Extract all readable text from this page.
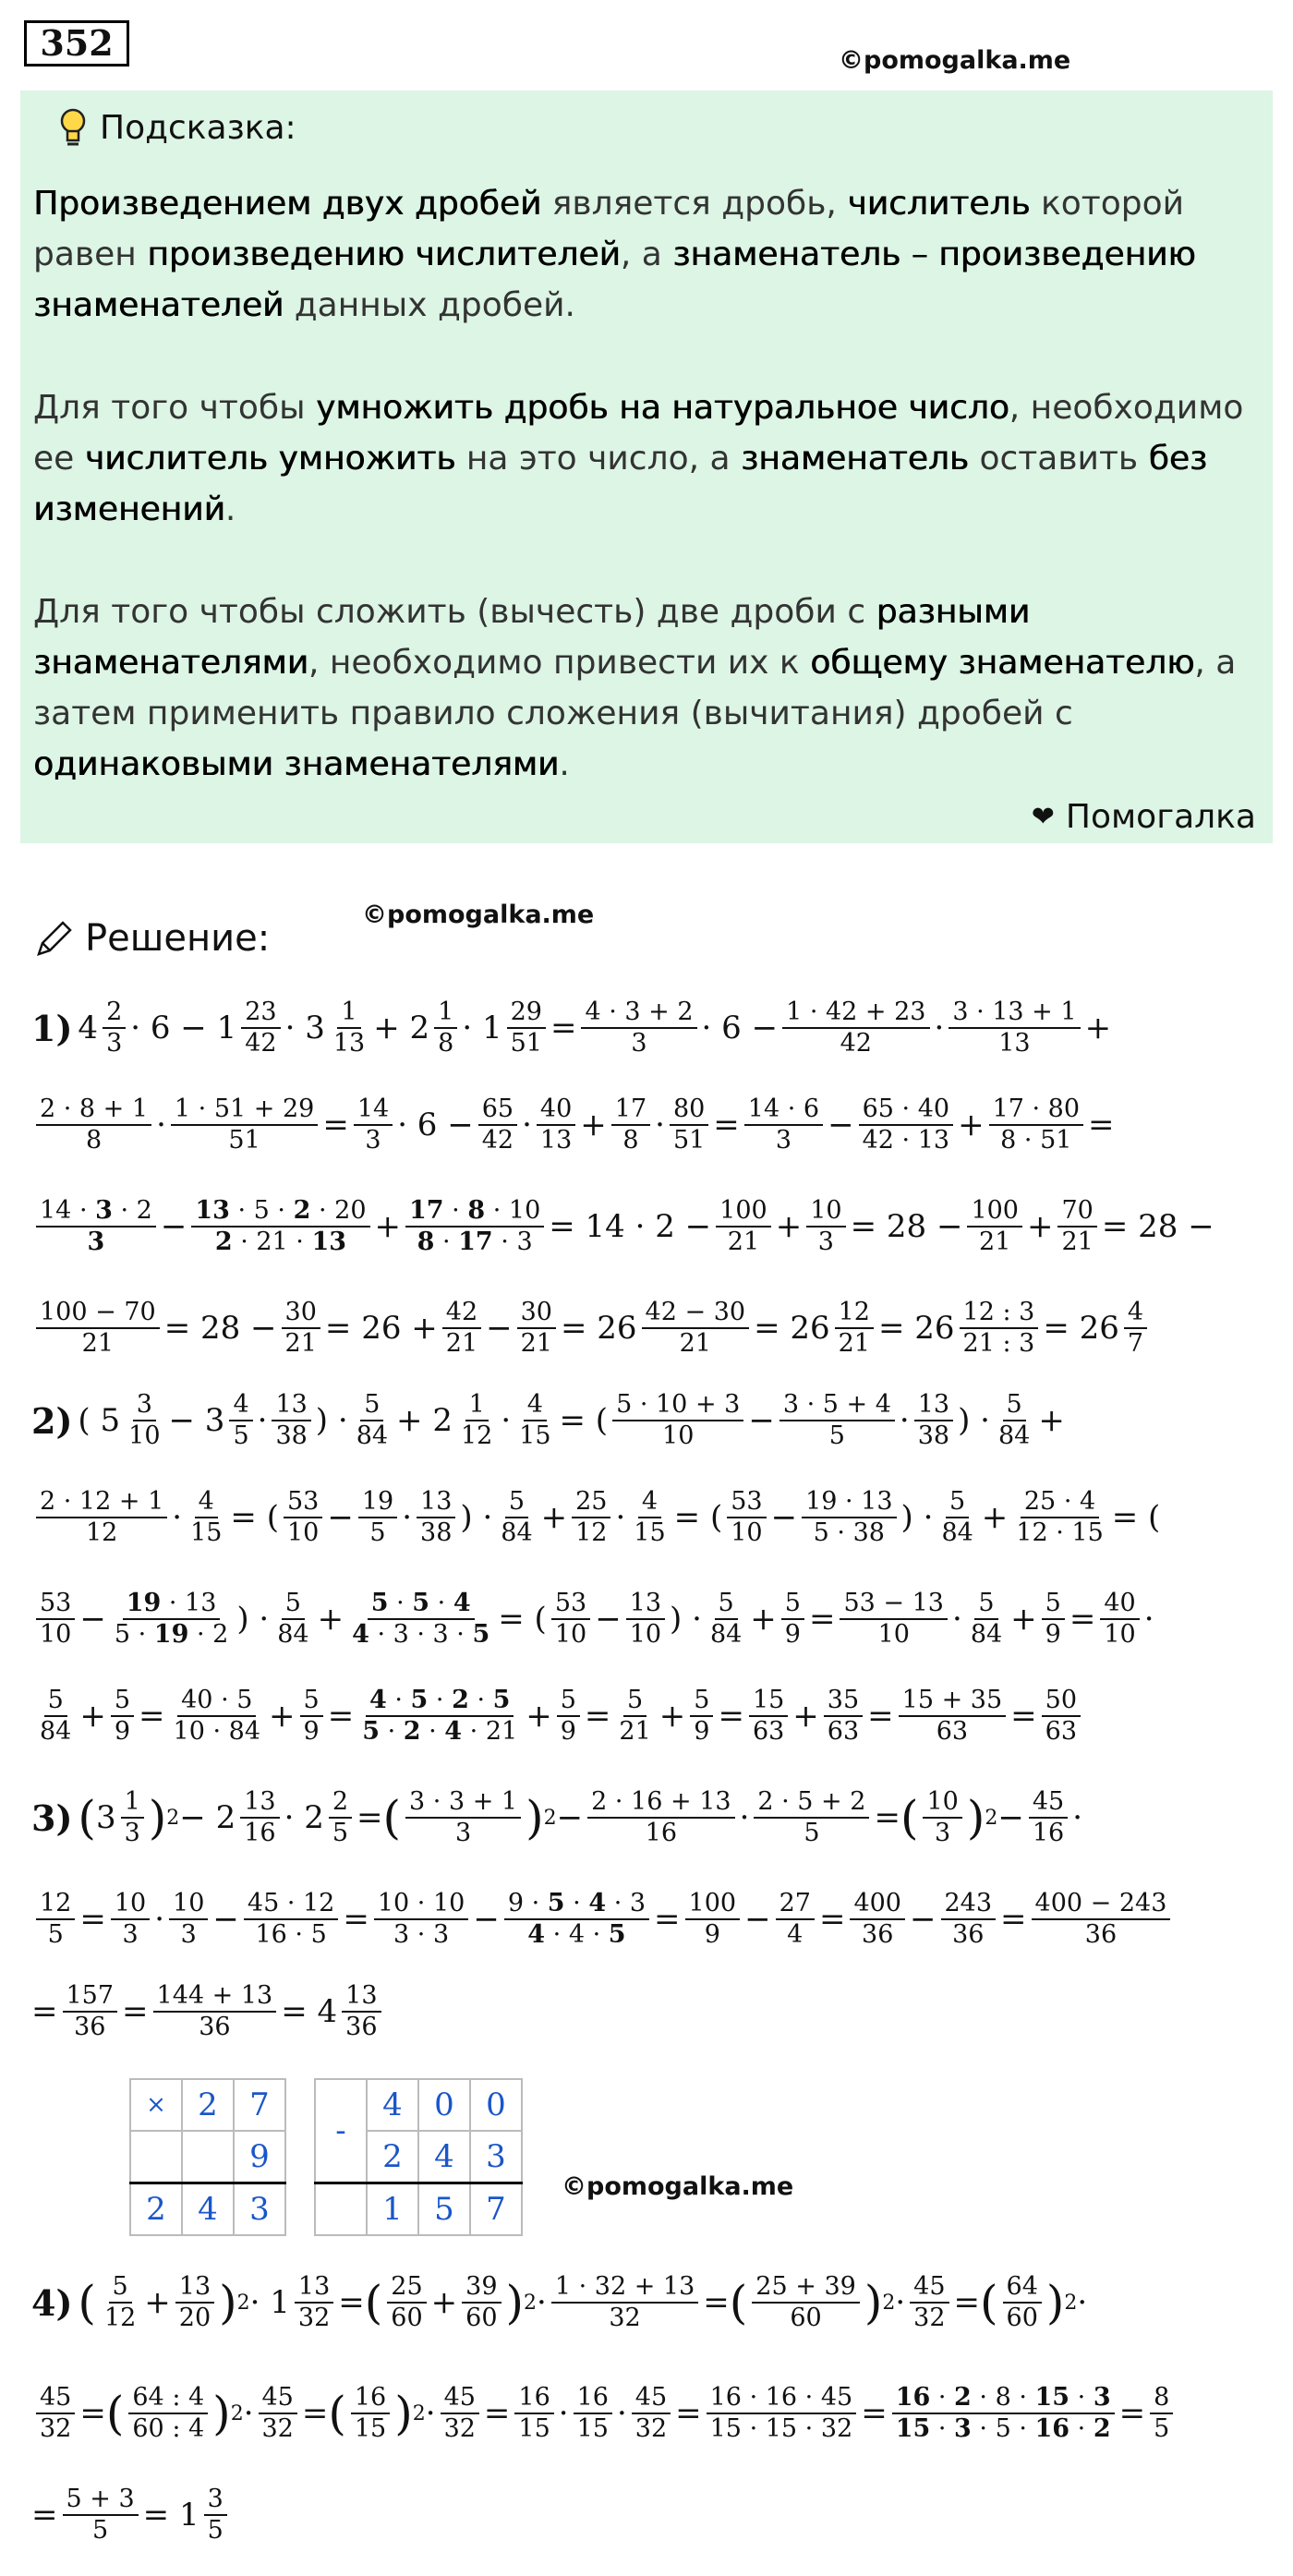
352	©pomogalka.me
Подсказка:

Произведением двух дробей является дробь, числитель которой равен произведению числителей, а знаменатель – произведению знаменателей данных дробей.

Для того чтобы умножить дробь на натуральное число, необходимо ее числитель умножить на это число, а знаменатель оставить без изменений.

Для того чтобы сложить (вычесть) две дроби с разными знаменателями, необходимо привести их к общему знаменателю, а затем применить правило сложения (вычитания) дробей с одинаковыми знаменателями.

❤ Помогалка
©pomogalka.me
Решение:
1) 4 2
3 · 6 − 1 23
42 · 3 1
13 + 2 1
8 · 1 29
51 = 4 · 3 + 2
3 · 6 − 1 · 42 + 23
42 · 3 · 13 + 1
13 +
2 · 8 + 1
8 · 1 · 51 + 29
51 = 14
3 · 6 − 65
42 · 40
13 + 17
8 · 80
51 = 14 · 6
3 − 65 · 40
42 · 13 + 17 · 80
8 · 51 =
14 · 3 · 2
3 − 13 · 5 · 2 · 20
2 · 21 · 13 + 17 · 8 · 10
8 · 17 · 3 = 14 · 2 − 100
21 + 10
3 = 28 − 100
21 + 70
21 = 28 −
100 − 70
21 = 28 − 30
21 = 26 + 42
21 − 30
21 = 26 42 − 30
21 = 26 12
21 = 26 12 : 3
21 : 3 = 26 4
7
2) ( 5 3
10 − 3 4
5 · 13
38 ) · 5
84 + 2 1
12 · 4
15 = ( 5 · 10 + 3
10 − 3 · 5 + 4
5 · 13
38 ) · 5
84 +
2 · 12 + 1
12 · 4
15 = ( 53
10 − 19
5 · 13
38 ) · 5
84 + 25
12 · 4
15 = ( 53
10 − 19 · 13
5 · 38 ) · 5
84 + 25 · 4
12 · 15 = (
53
10 − 19 · 13
5 · 19 · 2 ) · 5
84 + 5 · 5 · 4
4 · 3 · 3 · 5 = ( 53
10 − 13
10 ) · 5
84 + 5
9 = 53 − 13
10 · 5
84 + 5
9 = 40
10 ·
5
84 + 5
9 = 40 · 5
10 · 84 + 5
9 = 4 · 5 · 2 · 5
5 · 2 · 4 · 21 + 5
9 = 5
21 + 5
9 = 15
63 + 35
63 = 15 + 35
63 = 50
63
3) ( 3 1
3 ) 2 − 2 13
16 · 2 2
5 = ( 3 · 3 + 1
3 ) 2 − 2 · 16 + 13
16 · 2 · 5 + 2
5 = ( 10
3 ) 2 − 45
16 ·
12
5 = 10
3 · 10
3 − 45 · 12
16 · 5 = 10 · 10
3 · 3 − 9 · 5 · 4 · 3
4 · 4 · 5 = 100
9 − 27
4 = 400
36 − 243
36 = 400 − 243
36
= 157
36 = 144 + 13
36 = 4 13
36
×	2	7
		9
2	4	3
-	4	0	0
	2	4	3
	1	5	7
©pomogalka.me
4) ( 5
12 + 13
20 ) 2 · 1 13
32 = ( 25
60 + 39
60 ) 2 · 1 · 32 + 13
32 = ( 25 + 39
60 ) 2 · 45
32 = ( 64
60 ) 2 ·
45
32 = ( 64 : 4
60 : 4 ) 2 · 45
32 = ( 16
15 ) 2 · 45
32 = 16
15 · 16
15 · 45
32 = 16 · 16 · 45
15 · 15 · 32 = 16 · 2 · 8 · 15 · 3
15 · 3 · 5 · 16 · 2 = 8
5
= 5 + 3
5 = 1 3
5
